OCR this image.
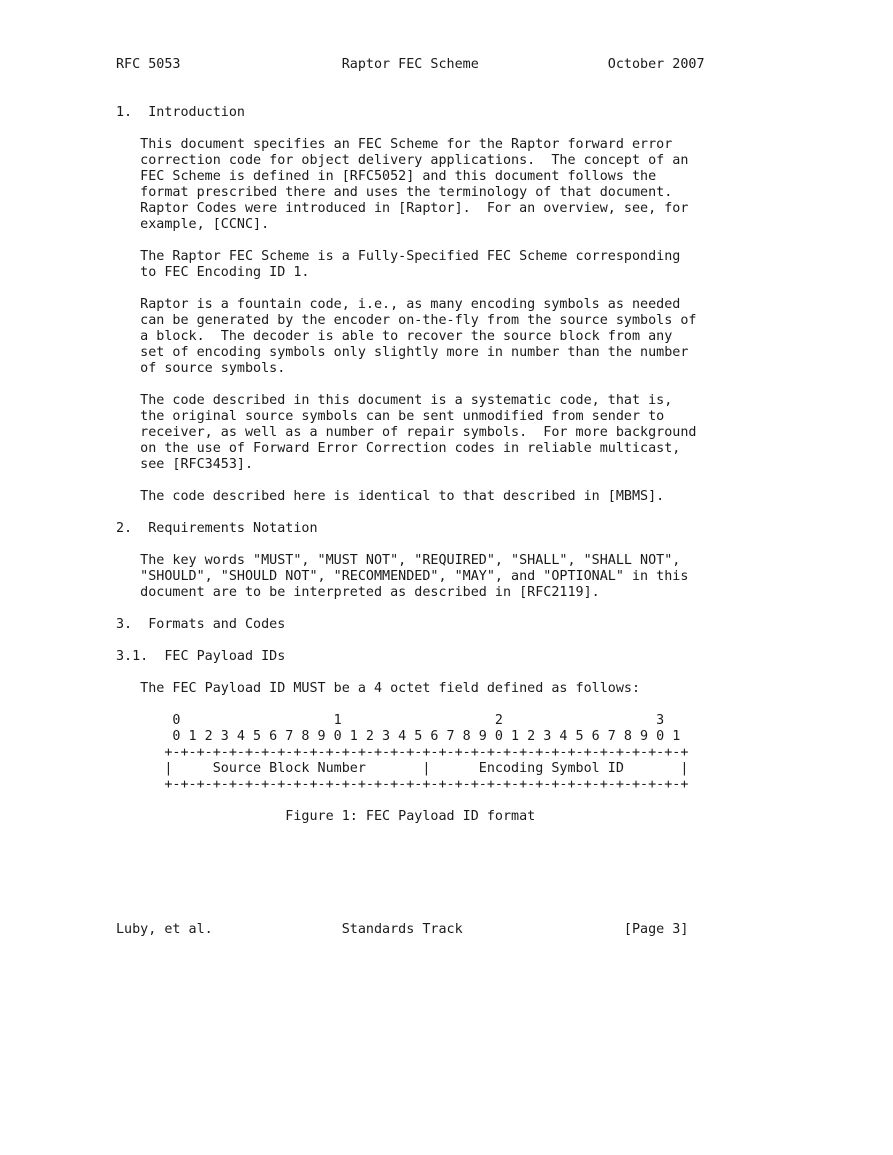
RFC 5053                    Raptor FEC Scheme                October 2007
1.  Introduction
This document specifies an FEC Scheme for the Raptor forward error
correction code for object delivery applications.  The concept of an
FEC Scheme is defined in [RFC5052] and this document follows the
format prescribed there and uses the terminology of that document.
Raptor Codes were introduced in [Raptor].  For an overview, see, for
example, [CCNC].
The Raptor FEC Scheme is a Fully-Specified FEC Scheme corresponding
to FEC Encoding ID 1.
Raptor is a fountain code, i.e., as many encoding symbols as needed
can be generated by the encoder on-the-fly from the source symbols of
a block.  The decoder is able to recover the source block from any
set of encoding symbols only slightly more in number than the number
of source symbols.
The code described in this document is a systematic code, that is,
the original source symbols can be sent unmodified from sender to
receiver, as well as a number of repair symbols.  For more background
on the use of Forward Error Correction codes in reliable multicast,
see [RFC3453].
The code described here is identical to that described in [MBMS].
2.  Requirements Notation
The key words "MUST", "MUST NOT", "REQUIRED", "SHALL", "SHALL NOT",
"SHOULD", "SHOULD NOT", "RECOMMENDED", "MAY", and "OPTIONAL" in this
document are to be interpreted as described in [RFC2119].
3.  Formats and Codes
3.1.  FEC Payload IDs
The FEC Payload ID MUST be a 4 octet field defined as follows:
0                   1                   2                   3
0 1 2 3 4 5 6 7 8 9 0 1 2 3 4 5 6 7 8 9 0 1 2 3 4 5 6 7 8 9 0 1
+-+-+-+-+-+-+-+-+-+-+-+-+-+-+-+-+-+-+-+-+-+-+-+-+-+-+-+-+-+-+-+-+
|     Source Block Number       |      Encoding Symbol ID       |
+-+-+-+-+-+-+-+-+-+-+-+-+-+-+-+-+-+-+-+-+-+-+-+-+-+-+-+-+-+-+-+-+
Figure 1: FEC Payload ID format
Luby, et al.                Standards Track                    [Page 3]
